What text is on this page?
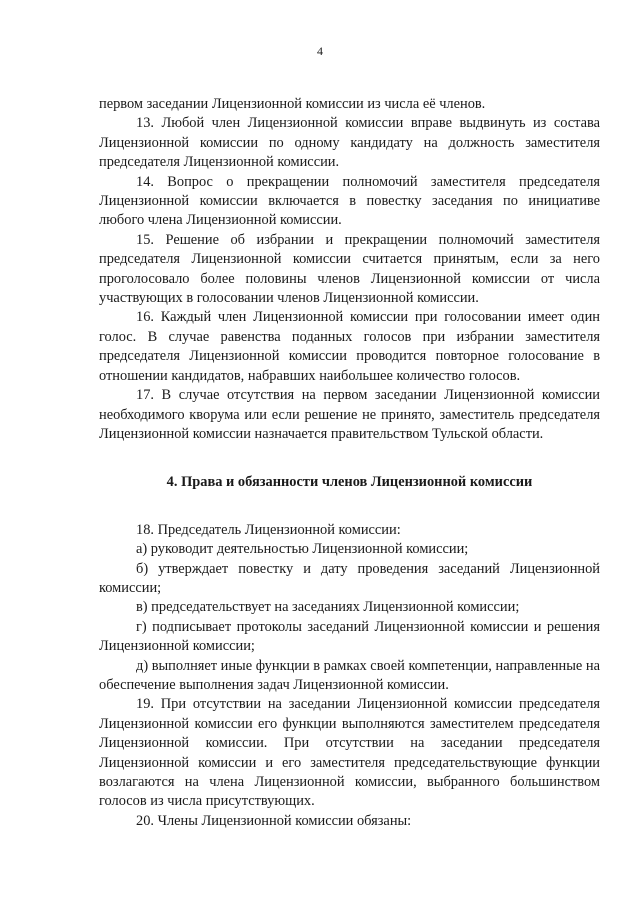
4

первом заседании Лицензионной комиссии из числа её членов.

13. Любой член Лицензионной комиссии вправе выдвинуть из состава Лицензионной комиссии по одному кандидату на должность заместителя председателя Лицензионной комиссии.

14. Вопрос о прекращении полномочий заместителя председателя Лицензионной комиссии включается в повестку заседания по инициативе любого члена Лицензионной комиссии.

15. Решение об избрании и прекращении полномочий заместителя председателя Лицензионной комиссии считается принятым, если за него проголосовало более половины членов Лицензионной комиссии от числа участвующих в голосовании членов Лицензионной комиссии.

16. Каждый член Лицензионной комиссии при голосовании имеет один голос. В случае равенства поданных голосов при избрании заместителя председателя Лицензионной комиссии проводится повторное голосование в отношении кандидатов, набравших наибольшее количество голосов.

17. В случае отсутствия на первом заседании Лицензионной комиссии необходимого кворума или если решение не принято, заместитель председателя Лицензионной комиссии назначается правительством Тульской области.

4. Права и обязанности членов Лицензионной комиссии

18. Председатель Лицензионной комиссии:

а) руководит деятельностью Лицензионной комиссии;

б) утверждает повестку и дату проведения заседаний Лицензионной комиссии;

в) председательствует на заседаниях Лицензионной комиссии;

г) подписывает протоколы заседаний Лицензионной комиссии и решения Лицензионной комиссии;

д) выполняет иные функции в рамках своей компетенции, направленные на обеспечение выполнения задач Лицензионной комиссии.

19. При отсутствии на заседании Лицензионной комиссии председателя Лицензионной комиссии его функции выполняются заместителем председателя Лицензионной комиссии. При отсутствии на заседании председателя Лицензионной комиссии и его заместителя председательствующие функции возлагаются на члена Лицензионной комиссии, выбранного большинством голосов из числа присутствующих.

20. Члены Лицензионной комиссии обязаны:
